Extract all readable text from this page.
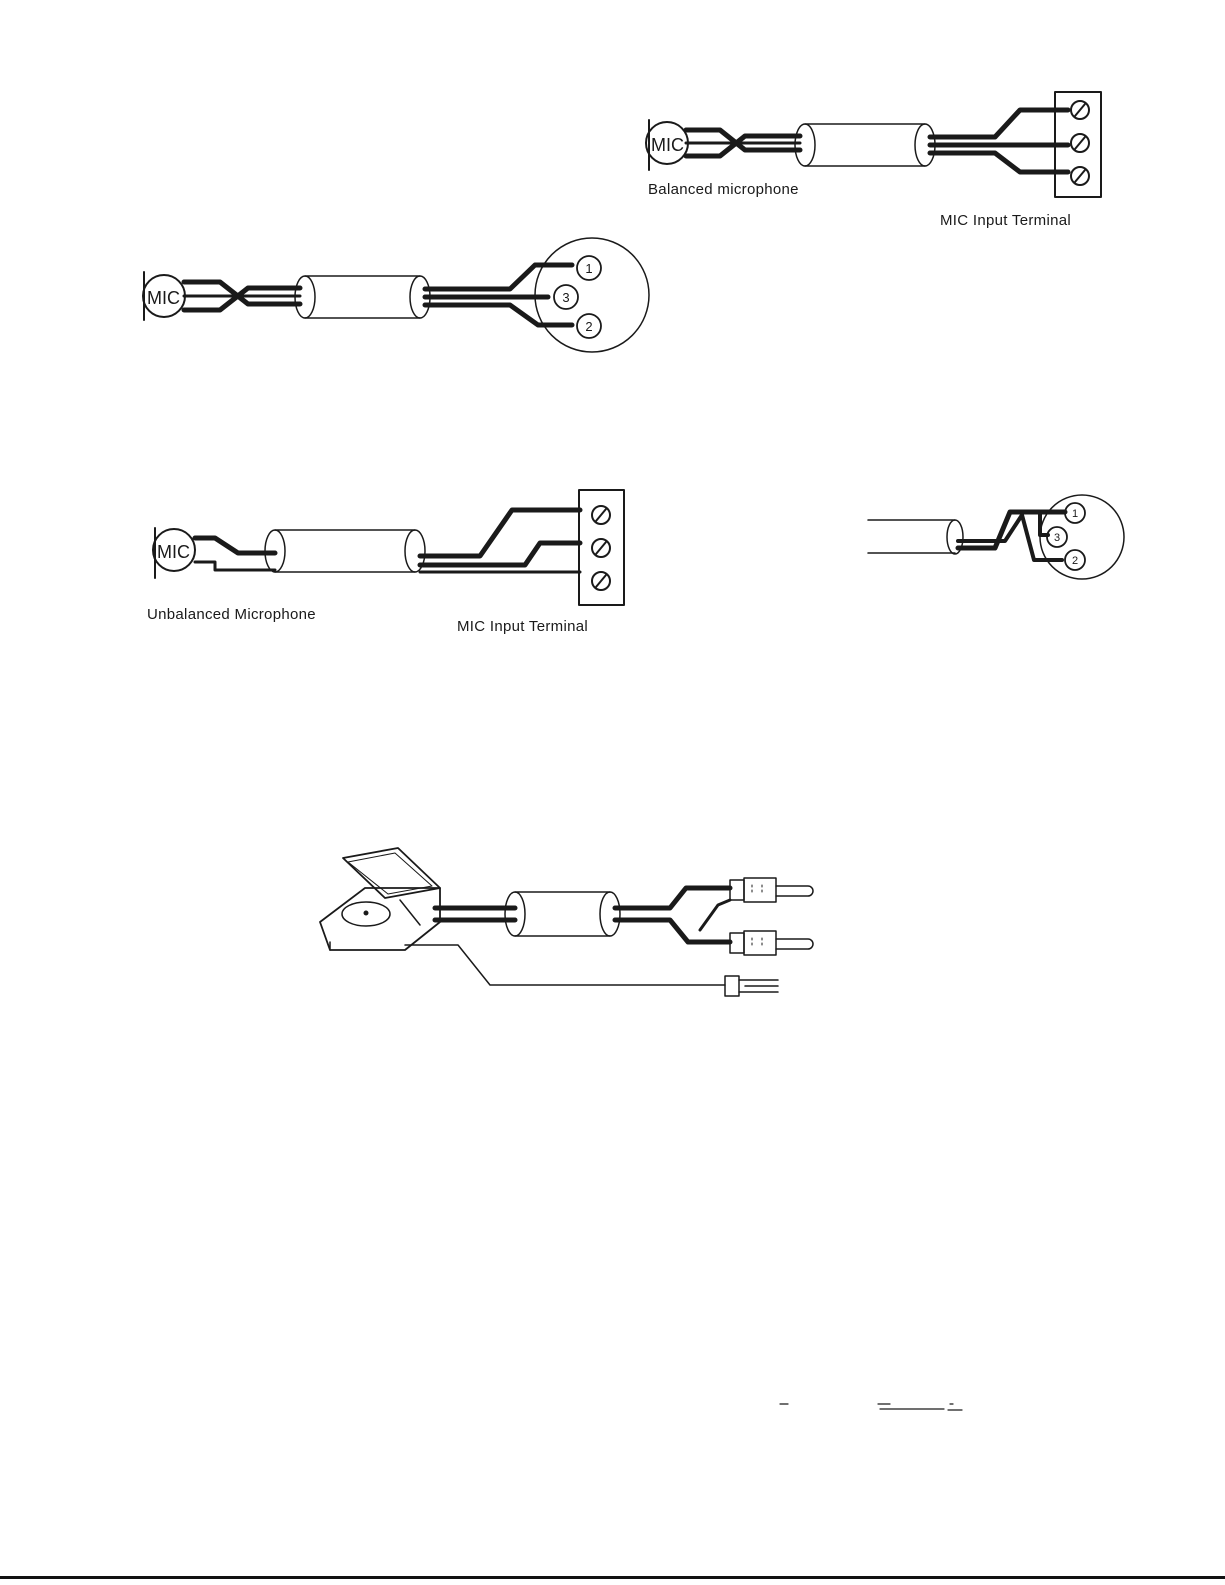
MIC
MIC
1
3
2
MIC
1
3
2
Balanced microphone
MIC Input Terminal
Unbalanced Microphone
MIC Input Terminal
